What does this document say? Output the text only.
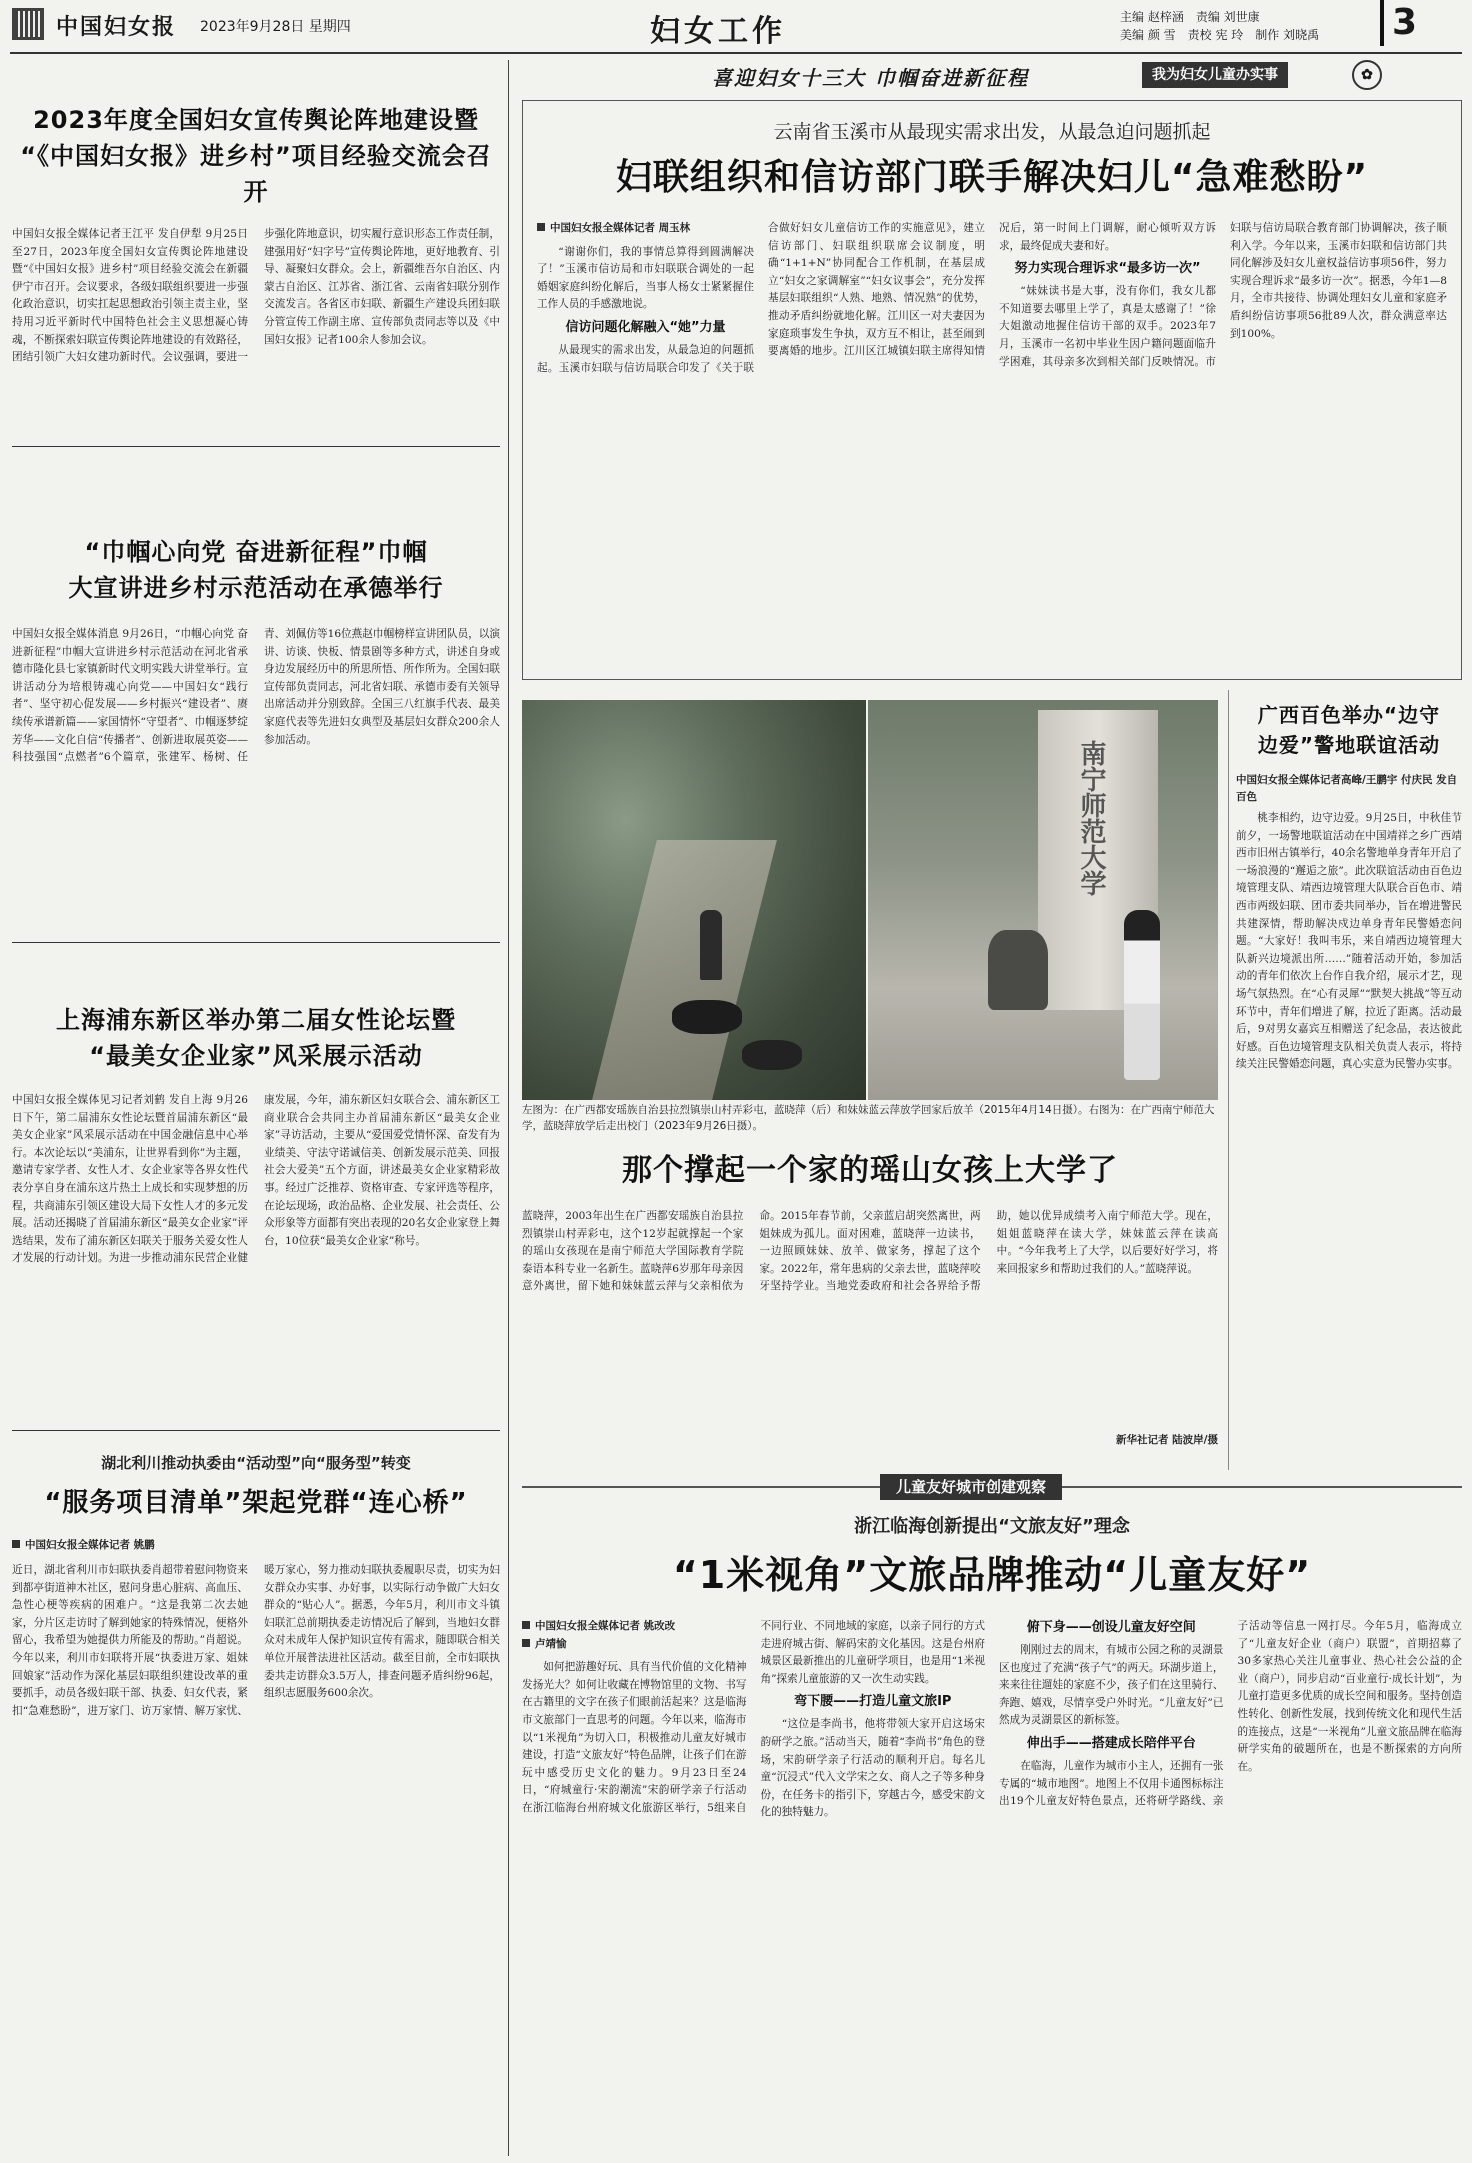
中国妇女报 2023年9月28日 星期四	妇女工作	主编 赵梓涵　责编 刘世康
美编 颜 雪　责校 宪 玲　制作 刘晓禹	3
2023年度全国妇女宣传舆论阵地建设暨
“《中国妇女报》进乡村”项目经验交流会召开
中国妇女报全媒体记者王江平 发自伊犁 9月25日至27日，2023年度全国妇女宣传舆论阵地建设暨“《中国妇女报》进乡村”项目经验交流会在新疆伊宁市召开。会议要求，各级妇联组织要进一步强化政治意识，切实扛起思想政治引领主责主业，坚持用习近平新时代中国特色社会主义思想凝心铸魂，不断探索妇联宣传舆论阵地建设的有效路径，团结引领广大妇女建功新时代。会议强调，要进一步强化阵地意识，切实履行意识形态工作责任制，建强用好“妇字号”宣传舆论阵地，更好地教育、引导、凝聚妇女群众。会上，新疆维吾尔自治区、内蒙古自治区、江苏省、浙江省、云南省妇联分别作交流发言。各省区市妇联、新疆生产建设兵团妇联分管宣传工作副主席、宣传部负责同志等以及《中国妇女报》记者100余人参加会议。
“巾帼心向党 奋进新征程”巾帼
大宣讲进乡村示范活动在承德举行
中国妇女报全媒体消息 9月26日，“巾帼心向党 奋进新征程”巾帼大宣讲进乡村示范活动在河北省承德市隆化县七家镇新时代文明实践大讲堂举行。宣讲活动分为培根铸魂心向党——中国妇女“践行者”、坚守初心促发展——乡村振兴“建设者”、赓续传承谱新篇——家国情怀“守望者”、巾帼逐梦绽芳华——文化自信“传播者”、创新进取展英姿——科技强国“点燃者”6个篇章，张建军、杨树、任青、刘佩仿等16位燕赵巾帼榜样宣讲团队员，以演讲、访谈、快板、情景剧等多种方式，讲述自身或身边发展经历中的所思所悟、所作所为。全国妇联宣传部负责同志，河北省妇联、承德市委有关领导出席活动并分别致辞。全国三八红旗手代表、最美家庭代表等先进妇女典型及基层妇女群众200余人参加活动。
上海浦东新区举办第二届女性论坛暨
“最美女企业家”风采展示活动
中国妇女报全媒体见习记者刘鹤 发自上海 9月26日下午，第二届浦东女性论坛暨首届浦东新区“最美女企业家”风采展示活动在中国金融信息中心举行。本次论坛以“美浦东，让世界看到你”为主题，邀请专家学者、女性人才、女企业家等各界女性代表分享自身在浦东这片热土上成长和实现梦想的历程，共商浦东引领区建设大局下女性人才的多元发展。活动还揭晓了首届浦东新区“最美女企业家”评选结果，发布了浦东新区妇联关于服务关爱女性人才发展的行动计划。为进一步推动浦东民营企业健康发展，今年，浦东新区妇女联合会、浦东新区工商业联合会共同主办首届浦东新区“最美女企业家”寻访活动，主要从“爱国爱党情怀深、奋发有为业绩美、守法守诺诚信美、创新发展示范美、回报社会大爱美”五个方面，讲述最美女企业家精彩故事。经过广泛推荐、资格审查、专家评选等程序，在论坛现场，政治品格、企业发展、社会责任、公众形象等方面都有突出表现的20名女企业家登上舞台，10位获“最美女企业家”称号。
湖北利川推动执委由“活动型”向“服务型”转变
“服务项目清单”架起党群“连心桥”
中国妇女报全媒体记者 姚鹏
近日，湖北省利川市妇联执委肖超带着慰问物资来到都亭街道神木社区，慰问身患心脏病、高血压、急性心梗等疾病的困难户。“这是我第二次去她家，分片区走访时了解到她家的特殊情况，便格外留心，我希望为她提供力所能及的帮助。”肖超说。今年以来，利川市妇联将开展“执委进万家、姐妹回娘家”活动作为深化基层妇联组织建设改革的重要抓手，动员各级妇联干部、执委、妇女代表，紧扣“急难愁盼”，进万家门、访万家情、解万家忧、暖万家心，努力推动妇联执委履职尽责，切实为妇女群众办实事、办好事，以实际行动争做广大妇女群众的“贴心人”。据悉，今年5月，利川市文斗镇妇联汇总前期执委走访情况后了解到，当地妇女群众对未成年人保护知识宣传有需求，随即联合相关单位开展普法进社区活动。截至目前，全市妇联执委共走访群众3.5万人，排查问题矛盾纠纷96起，组织志愿服务600余次。
喜迎妇女十三大 巾帼奋进新征程	我为妇女儿童办实事	✿
云南省玉溪市从最现实需求出发，从最急迫问题抓起
妇联组织和信访部门联手解决妇儿“急难愁盼”
中国妇女报全媒体记者 周玉林

“谢谢你们，我的事情总算得到圆满解决了！”玉溪市信访局和市妇联联合调处的一起婚姻家庭纠纷化解后，当事人杨女士紧紧握住工作人员的手感激地说。

信访问题化解融入“她”力量

从最现实的需求出发，从最急迫的问题抓起。玉溪市妇联与信访局联合印发了《关于联合做好妇女儿童信访工作的实施意见》，建立信访部门、妇联组织联席会议制度，明确“1+1+N”协同配合工作机制，在基层成立“妇女之家调解室”“妇女议事会”，充分发挥基层妇联组织“人熟、地熟、情况熟”的优势，推动矛盾纠纷就地化解。江川区一对夫妻因为家庭琐事发生争执，双方互不相让，甚至闹到要离婚的地步。江川区江城镇妇联主席得知情况后，第一时间上门调解，耐心倾听双方诉求，最终促成夫妻和好。

努力实现合理诉求“最多访一次”

“妹妹读书是大事，没有你们，我女儿都不知道要去哪里上学了，真是太感谢了！”徐大姐激动地握住信访干部的双手。2023年7月，玉溪市一名初中毕业生因户籍问题面临升学困难，其母亲多次到相关部门反映情况。市妇联与信访局联合教育部门协调解决，孩子顺利入学。今年以来，玉溪市妇联和信访部门共同化解涉及妇女儿童权益信访事项56件，努力实现合理诉求“最多访一次”。据悉，今年1—8月，全市共接待、协调处理妇女儿童和家庭矛盾纠纷信访事项56批89人次，群众满意率达到100%。

南宁师范大学
左图为：在广西都安瑶族自治县拉烈镇崇山村弄彩屯，蓝晓萍（后）和妹妹蓝云萍放学回家后放羊（2015年4月14日摄）。右图为：在广西南宁师范大学，蓝晓萍放学后走出校门（2023年9月26日摄）。
那个撑起一个家的瑶山女孩上大学了
蓝晓萍，2003年出生在广西都安瑶族自治县拉烈镇崇山村弄彩屯，这个12岁起就撑起一个家的瑶山女孩现在是南宁师范大学国际教育学院泰语本科专业一名新生。蓝晓萍6岁那年母亲因意外离世，留下她和妹妹蓝云萍与父亲相依为命。2015年春节前，父亲蓝启胡突然离世，两姐妹成为孤儿。面对困难，蓝晓萍一边读书，一边照顾妹妹、放羊、做家务，撑起了这个家。2022年，常年患病的父亲去世，蓝晓萍咬牙坚持学业。当地党委政府和社会各界给予帮助，她以优异成绩考入南宁师范大学。现在，姐姐蓝晓萍在读大学，妹妹蓝云萍在读高中。“今年我考上了大学，以后要好好学习，将来回报家乡和帮助过我们的人。”蓝晓萍说。
新华社记者 陆波岸/摄
广西百色举办“边守
边爱”警地联谊活动
中国妇女报全媒体记者高峰/王鹏宇 付庆民 发自百色
桃李相约，边守边爱。9月25日，中秋佳节前夕，一场警地联谊活动在中国靖祥之乡广西靖西市旧州古镇举行，40余名警地单身青年开启了一场浪漫的“邂逅之旅”。此次联谊活动由百色边境管理支队、靖西边境管理大队联合百色市、靖西市两级妇联、团市委共同举办，旨在增进警民共建深情，帮助解决戍边单身青年民警婚恋问题。“大家好！我叫韦乐，来自靖西边境管理大队新兴边境派出所……”随着活动开始，参加活动的青年们依次上台作自我介绍，展示才艺，现场气氛热烈。在“心有灵犀”“默契大挑战”等互动环节中，青年们增进了解，拉近了距离。活动最后，9对男女嘉宾互相赠送了纪念品，表达彼此好感。百色边境管理支队相关负责人表示，将持续关注民警婚恋问题，真心实意为民警办实事。
儿童友好城市创建观察
浙江临海创新提出“文旅友好”理念
“1米视角”文旅品牌推动“儿童友好”
中国妇女报全媒体记者 姚改改
卢靖愉

如何把游趣好玩、具有当代价值的文化精神发扬光大？如何让收藏在博物馆里的文物、书写在古籍里的文字在孩子们眼前活起来？这是临海市文旅部门一直思考的问题。今年以来，临海市以“1米视角”为切入口，积极推动儿童友好城市建设，打造“文旅友好”特色品牌，让孩子们在游玩中感受历史文化的魅力。9月23日至24日，“府城童行·宋韵潮流”宋韵研学亲子行活动在浙江临海台州府城文化旅游区举行，5组来自不同行业、不同地域的家庭，以亲子同行的方式走进府城古街、解码宋韵文化基因。这是台州府城景区最新推出的儿童研学项目，也是用“1米视角”探索儿童旅游的又一次生动实践。

弯下腰——打造儿童文旅IP

“这位是李尚书，他将带领大家开启这场宋韵研学之旅。”活动当天，随着“李尚书”角色的登场，宋韵研学亲子行活动的顺利开启。每名儿童“沉浸式”代入文学宋之女、商人之子等多种身份，在任务卡的指引下，穿越古今，感受宋韵文化的独特魅力。

俯下身——创设儿童友好空间

刚刚过去的周末，有城市公园之称的灵湖景区也度过了充满“孩子气”的两天。环湖步道上，来来往往遛娃的家庭不少，孩子们在这里骑行、奔跑、嬉戏，尽情享受户外时光。“儿童友好”已然成为灵湖景区的新标签。

伸出手——搭建成长陪伴平台

在临海，儿童作为城市小主人，还拥有一张专属的“城市地图”。地图上不仅用卡通图标标注出19个儿童友好特色景点，还将研学路线、亲子活动等信息一网打尽。今年5月，临海成立了“儿童友好企业（商户）联盟”，首期招募了30多家热心关注儿童事业、热心社会公益的企业（商户），同步启动“百业童行·成长计划”，为儿童打造更多优质的成长空间和服务。坚持创造性转化、创新性发展，找到传统文化和现代生活的连接点，这是“一米视角”儿童文旅品牌在临海研学实角的破题所在，也是不断探索的方向所在。
